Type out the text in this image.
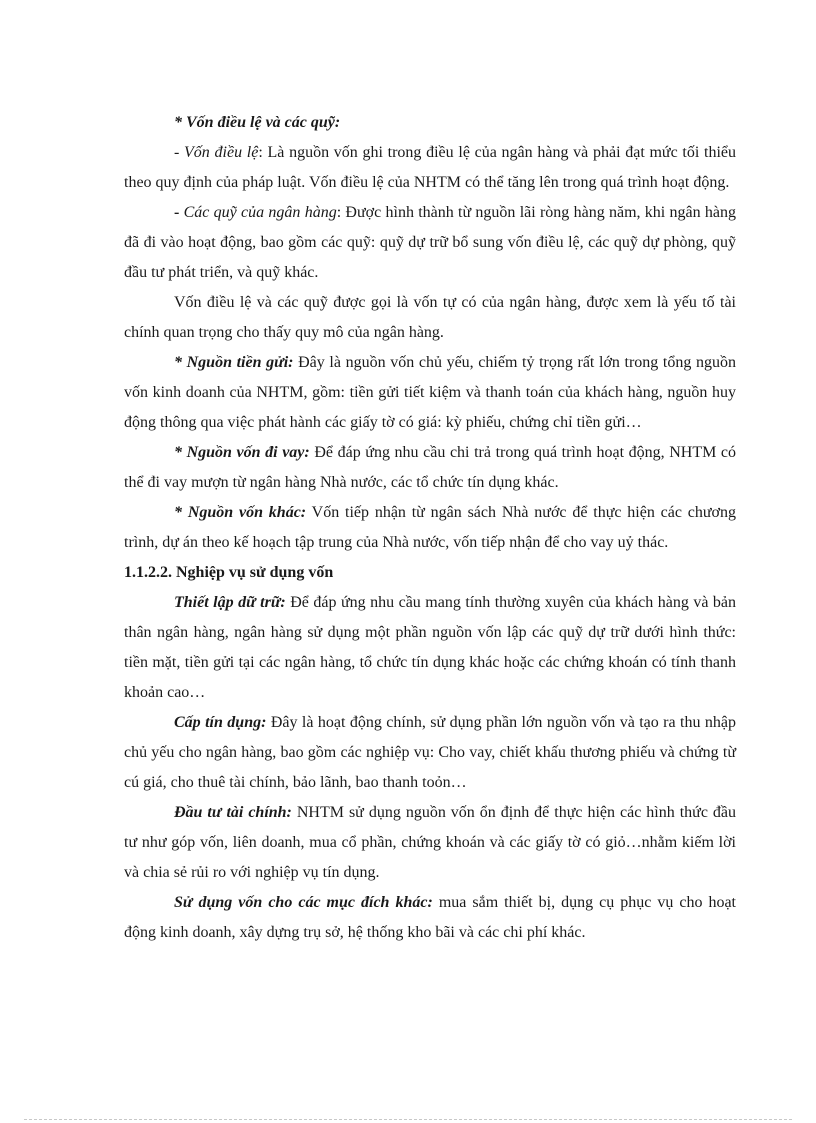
* Vốn điều lệ và các quỹ:

- Vốn điều lệ: Là nguồn vốn ghi trong điều lệ của ngân hàng và phải đạt mức tối thiểu theo quy định của pháp luật. Vốn điều lệ của NHTM có thể tăng lên trong quá trình hoạt động.

- Các quỹ của ngân hàng: Được hình thành từ nguồn lãi ròng hàng năm, khi ngân hàng đã đi vào hoạt động, bao gồm các quỹ: quỹ dự trữ bổ sung vốn điều lệ, các quỹ dự phòng, quỹ đầu tư phát triển, và quỹ khác.

Vốn điều lệ và các quỹ được gọi là vốn tự có của ngân hàng, được xem là yếu tố tài chính quan trọng cho thấy quy mô của ngân hàng.

* Nguồn tiền gửi: Đây là nguồn vốn chủ yếu, chiếm tỷ trọng rất lớn trong tổng nguồn vốn kinh doanh của NHTM, gồm: tiền gửi tiết kiệm và thanh toán của khách hàng, nguồn huy động thông qua việc phát hành các giấy tờ có giá: kỳ phiếu, chứng chỉ tiền gửi…

* Nguồn vốn đi vay: Để đáp ứng nhu cầu chi trả trong quá trình hoạt động, NHTM có thể đi vay mượn từ ngân hàng Nhà nước, các tổ chức tín dụng khác.

* Nguồn vốn khác: Vốn tiếp nhận từ ngân sách Nhà nước để thực hiện các chương trình, dự án theo kế hoạch tập trung của Nhà nước, vốn tiếp nhận để cho vay uỷ thác.

1.1.2.2. Nghiệp vụ sử dụng vốn

Thiết lập dữ trữ: Để đáp ứng nhu cầu mang tính thường xuyên của khách hàng và bản thân ngân hàng, ngân hàng sử dụng một phần nguồn vốn lập các quỹ dự trữ dưới hình thức: tiền mặt, tiền gửi tại các ngân hàng, tổ chức tín dụng khác hoặc các chứng khoán có tính thanh khoản cao…

Cấp tín dụng: Đây là hoạt động chính, sử dụng phần lớn nguồn vốn và tạo ra thu nhập chủ yếu cho ngân hàng, bao gồm các nghiệp vụ: Cho vay, chiết khấu thương phiếu và chứng từ cú giá, cho thuê tài chính, bảo lãnh, bao thanh toỏn…

Đầu tư tài chính: NHTM sử dụng nguồn vốn ổn định để thực hiện các hình thức đầu tư như góp vốn, liên doanh, mua cổ phần, chứng khoán và các giấy tờ có giỏ…nhằm kiếm lời và chia sẻ rủi ro với nghiệp vụ tín dụng.

Sử dụng vốn cho các mục đích khác: mua sắm thiết bị, dụng cụ phục vụ cho hoạt động kinh doanh, xây dựng trụ sở, hệ thống kho bãi và các chi phí khác.
